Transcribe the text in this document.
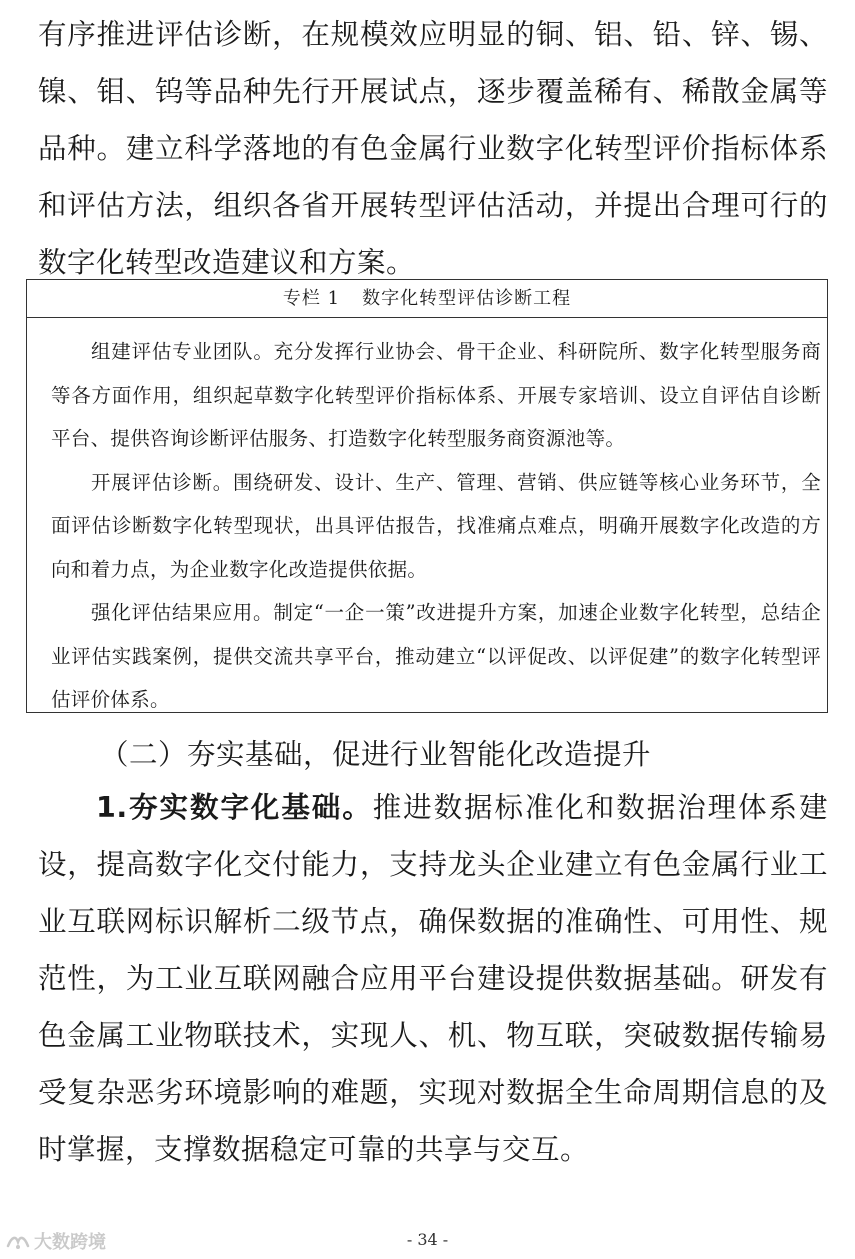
有序推进评估诊断，在规模效应明显的铜、铝、铅、锌、锡、镍、钼、钨等品种先行开展试点，逐步覆盖稀有、稀散金属等品种。建立科学落地的有色金属行业数字化转型评价指标体系和评估方法，组织各省开展转型评估活动，并提出合理可行的数字化转型改造建议和方案。

专栏 1 数字化转型评估诊断工程

组建评估专业团队。充分发挥行业协会、骨干企业、科研院所、数字化转型服务商等各方面作用，组织起草数字化转型评价指标体系、开展专家培训、设立自评估自诊断平台、提供咨询诊断评估服务、打造数字化转型服务商资源池等。

开展评估诊断。围绕研发、设计、生产、管理、营销、供应链等核心业务环节，全面评估诊断数字化转型现状，出具评估报告，找准痛点难点，明确开展数字化改造的方向和着力点，为企业数字化改造提供依据。

强化评估结果应用。制定“一企一策”改进提升方案，加速企业数字化转型，总结企业评估实践案例，提供交流共享平台，推动建立“以评促改、以评促建”的数字化转型评估评价体系。

（二）夯实基础，促进行业智能化改造提升

1.夯实数字化基础。推进数据标准化和数据治理体系建设，提高数字化交付能力，支持龙头企业建立有色金属行业工业互联网标识解析二级节点，确保数据的准确性、可用性、规范性，为工业互联网融合应用平台建设提供数据基础。研发有色金属工业物联技术，实现人、机、物互联，突破数据传输易受复杂恶劣环境影响的难题，实现对数据全生命周期信息的及时掌握，支撑数据稳定可靠的共享与交互。

- 34 -
大数跨境
